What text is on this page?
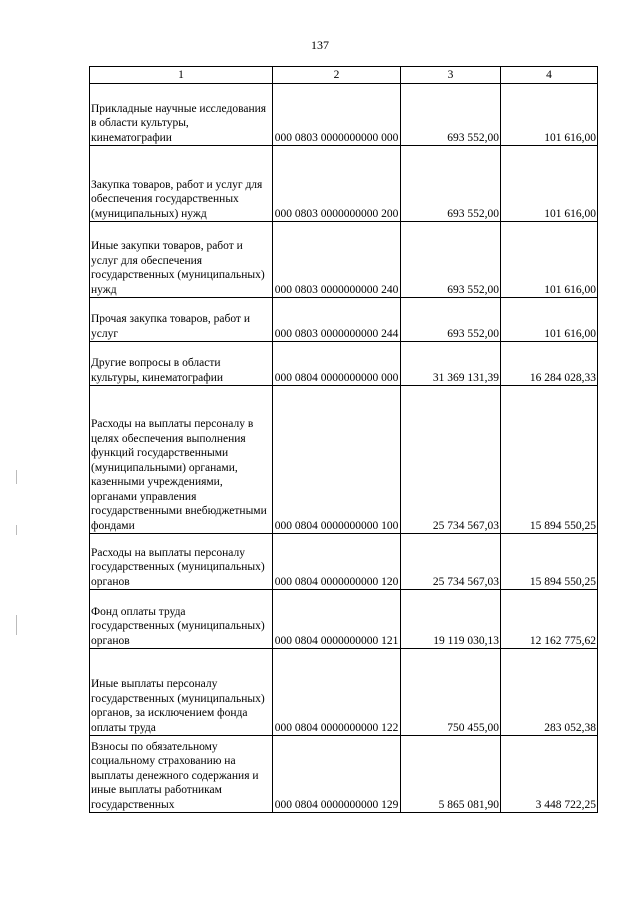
137
1	2	3	4
Прикладные научные исследования в области культуры, кинематографии	000 0803 0000000000 000	693 552,00	101 616,00
Закупка товаров, работ и услуг для обеспечения государственных (муниципальных) нужд	000 0803 0000000000 200	693 552,00	101 616,00
Иные закупки товаров, работ и услуг для обеспечения государственных (муниципальных) нужд	000 0803 0000000000 240	693 552,00	101 616,00
Прочая закупка товаров, работ и услуг	000 0803 0000000000 244	693 552,00	101 616,00
Другие вопросы в области культуры, кинематографии	000 0804 0000000000 000	31 369 131,39	16 284 028,33
Расходы на выплаты персоналу в целях обеспечения выполнения функций государственными (муниципальными) органами, казенными учреждениями, органами управления государственными внебюджетными фондами	000 0804 0000000000 100	25 734 567,03	15 894 550,25
Расходы на выплаты персоналу государственных (муниципальных) органов	000 0804 0000000000 120	25 734 567,03	15 894 550,25
Фонд оплаты труда государственных (муниципальных) органов	000 0804 0000000000 121	19 119 030,13	12 162 775,62
Иные выплаты персоналу государственных (муниципальных) органов, за исключением фонда оплаты труда	000 0804 0000000000 122	750 455,00	283 052,38
Взносы по обязательному социальному страхованию на выплаты денежного содержания и иные выплаты работникам государственных	000 0804 0000000000 129	5 865 081,90	3 448 722,25
